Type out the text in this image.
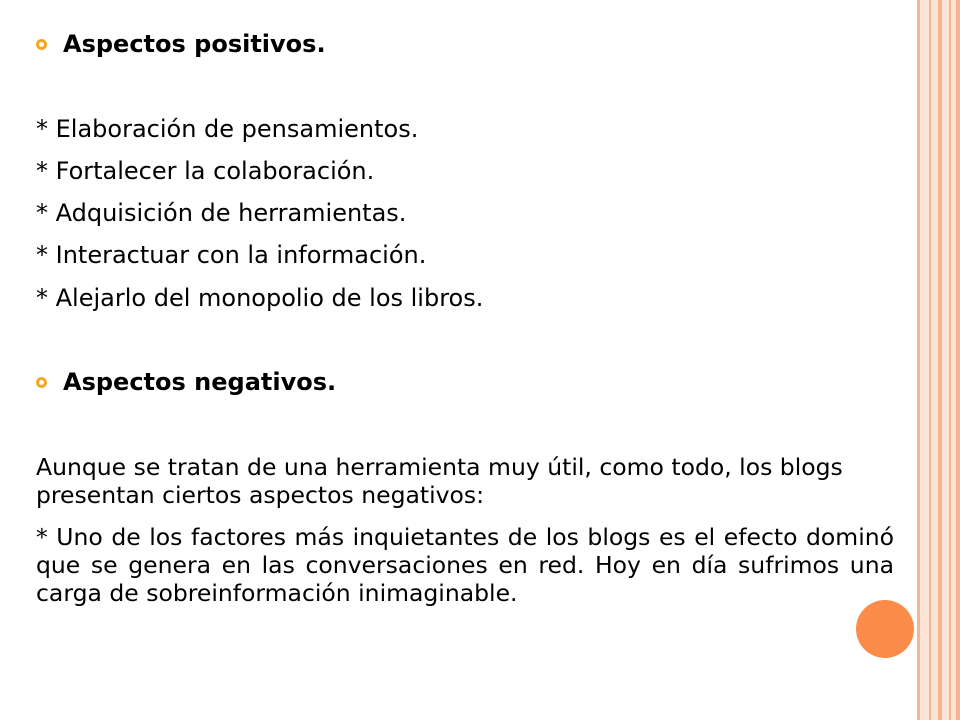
Aspectos positivos.
* Elaboración de pensamientos.
* Fortalecer la colaboración.
* Adquisición de herramientas.
* Interactuar con la información.
* Alejarlo del monopolio de los libros.
Aspectos negativos.
Aunque se tratan de una herramienta muy útil, como todo, los blogs presentan ciertos aspectos negativos:
* Uno de los factores más inquietantes de los blogs es el efecto dominó que se genera en las conversaciones en red. Hoy en día sufrimos una carga de sobreinformación inimaginable.
